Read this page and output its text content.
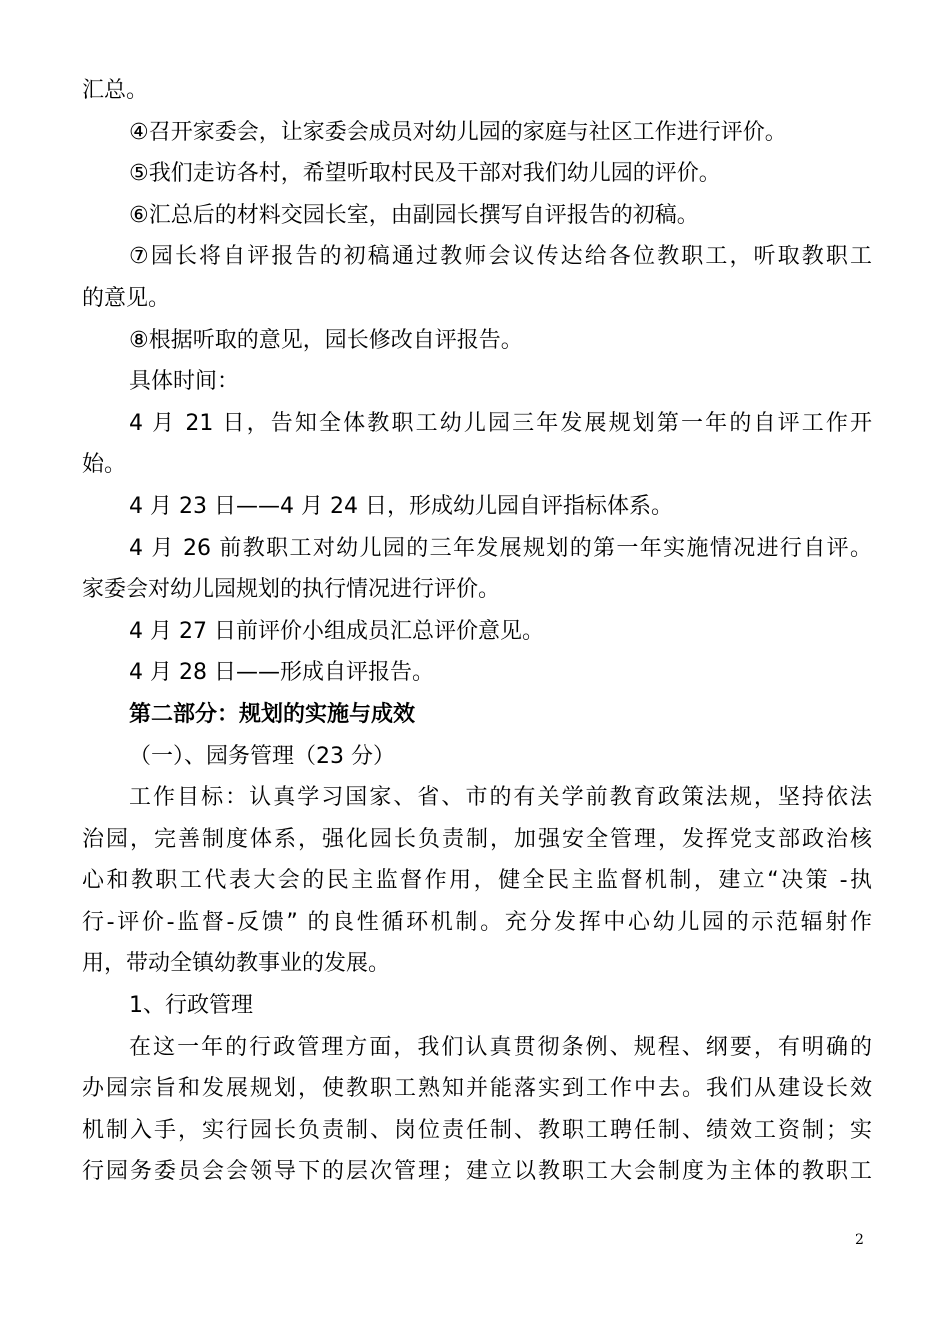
汇总。
④召开家委会，让家委会成员对幼儿园的家庭与社区工作进行评价。
⑤我们走访各村，希望听取村民及干部对我们幼儿园的评价。
⑥汇总后的材料交园长室，由副园长撰写自评报告的初稿。
⑦园长将自评报告的初稿通过教师会议传达给各位教职工，听取教职工
的意见。
⑧根据听取的意见，园长修改自评报告。
具体时间：
4 月 21 日，告知全体教职工幼儿园三年发展规划第一年的自评工作开
始。
4 月 23 日——4 月 24 日，形成幼儿园自评指标体系。
4 月 26 前教职工对幼儿园的三年发展规划的第一年实施情况进行自评。
家委会对幼儿园规划的执行情况进行评价。
4 月 27 日前评价小组成员汇总评价意见。
4 月 28 日——形成自评报告。
第二部分：规划的实施与成效
（一）、园务管理（23 分）
工作目标：认真学习国家、省、市的有关学前教育政策法规，坚持依法
治园，完善制度体系，强化园长负责制，加强安全管理，发挥党支部政治核
心和教职工代表大会的民主监督作用，健全民主监督机制，建立“决策 -执
行-评价-监督-反馈” 的良性循环机制。充分发挥中心幼儿园的示范辐射作
用，带动全镇幼教事业的发展。
1、行政管理
在这一年的行政管理方面，我们认真贯彻条例、规程、纲要，有明确的
办园宗旨和发展规划，使教职工熟知并能落实到工作中去。我们从建设长效
机制入手，实行园长负责制、岗位责任制、教职工聘任制、绩效工资制；实
行园务委员会会领导下的层次管理；建立以教职工大会制度为主体的教职工
2
